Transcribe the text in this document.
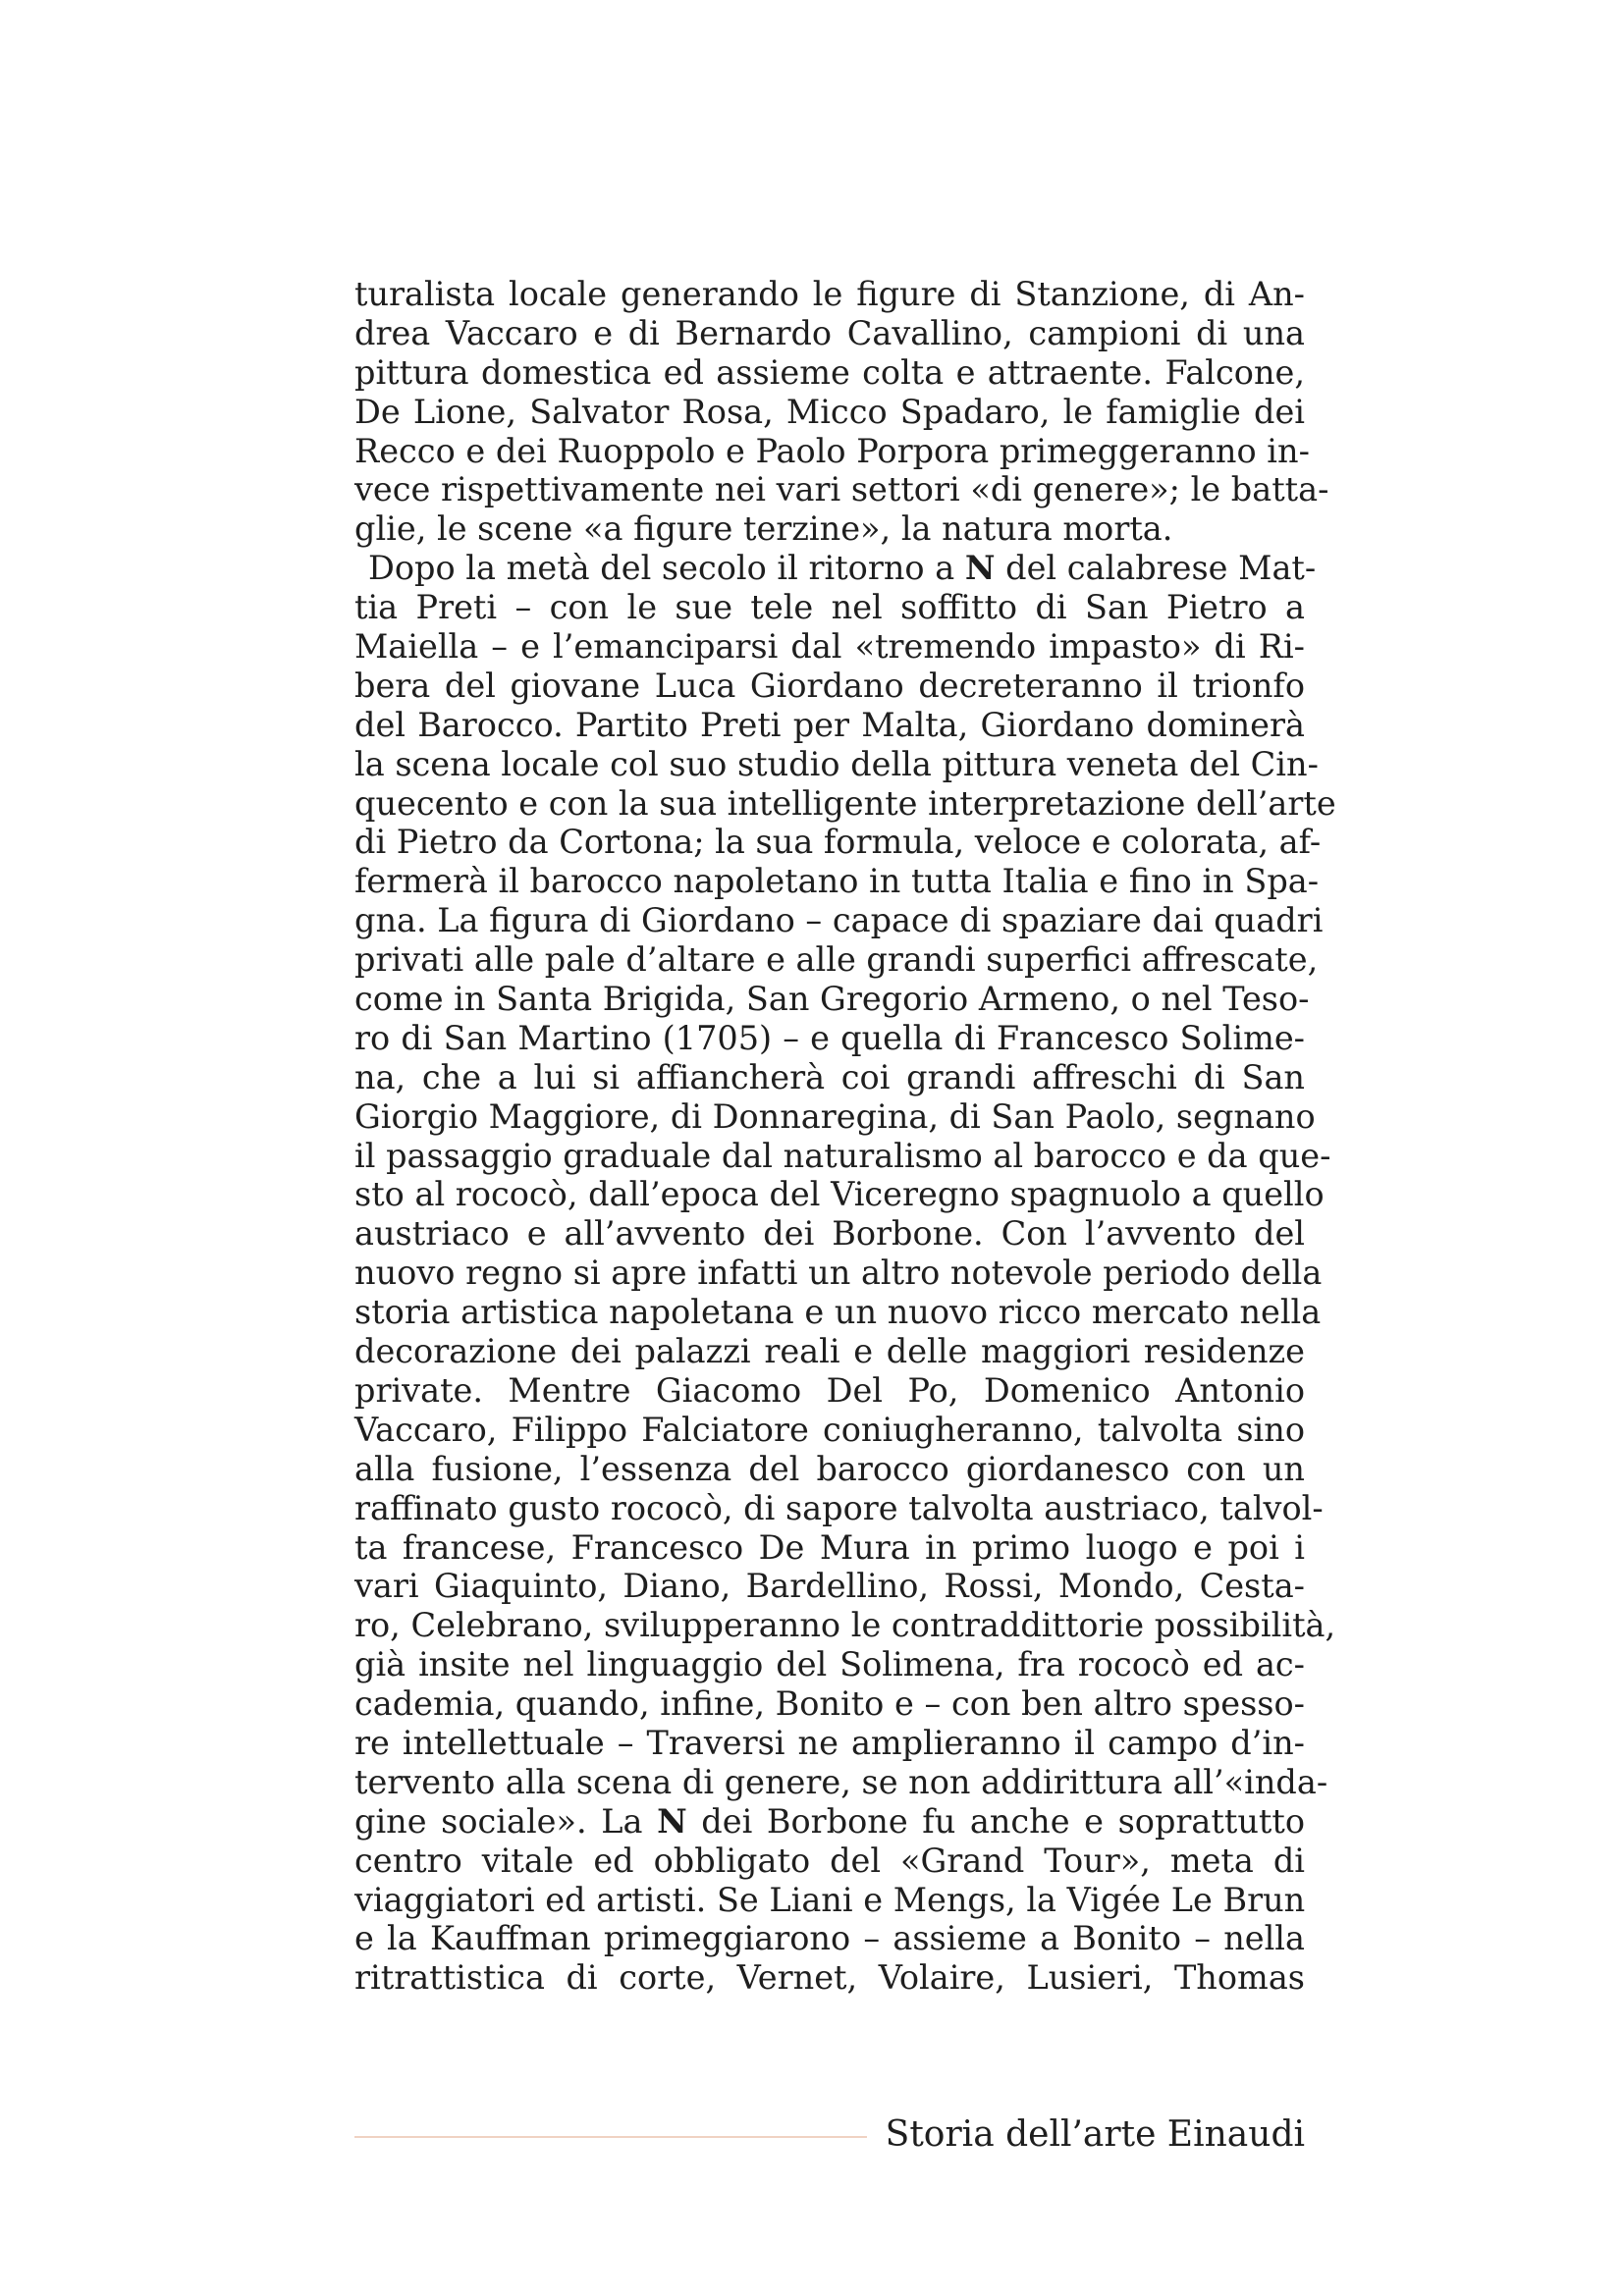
turalista locale generando le figure di Stanzione, di An-
drea Vaccaro e di Bernardo Cavallino, campioni di una
pittura domestica ed assieme colta e attraente. Falcone,
De Lione, Salvator Rosa, Micco Spadaro, le famiglie dei
Recco e dei Ruoppolo e Paolo Porpora primeggeranno in-
vece rispettivamente nei vari settori «di genere»; le batta-
glie, le scene «a figure terzine», la natura morta.
Dopo la metà del secolo il ritorno a N del calabrese Mat-
tia Preti – con le sue tele nel soffitto di San Pietro a
Maiella – e l’emanciparsi dal «tremendo impasto» di Ri-
bera del giovane Luca Giordano decreteranno il trionfo
del Barocco. Partito Preti per Malta, Giordano dominerà
la scena locale col suo studio della pittura veneta del Cin-
quecento e con la sua intelligente interpretazione dell’arte
di Pietro da Cortona; la sua formula, veloce e colorata, af-
fermerà il barocco napoletano in tutta Italia e fino in Spa-
gna. La figura di Giordano – capace di spaziare dai quadri
privati alle pale d’altare e alle grandi superfici affrescate,
come in Santa Brigida, San Gregorio Armeno, o nel Teso-
ro di San Martino (1705) – e quella di Francesco Solime-
na, che a lui si affiancherà coi grandi affreschi di San
Giorgio Maggiore, di Donnaregina, di San Paolo, segnano
il passaggio graduale dal naturalismo al barocco e da que-
sto al rococò, dall’epoca del Viceregno spagnuolo a quello
austriaco e all’avvento dei Borbone. Con l’avvento del
nuovo regno si apre infatti un altro notevole periodo della
storia artistica napoletana e un nuovo ricco mercato nella
decorazione dei palazzi reali e delle maggiori residenze
private. Mentre Giacomo Del Po, Domenico Antonio
Vaccaro, Filippo Falciatore coniugheranno, talvolta sino
alla fusione, l’essenza del barocco giordanesco con un
raffinato gusto rococò, di sapore talvolta austriaco, talvol-
ta francese, Francesco De Mura in primo luogo e poi i
vari Giaquinto, Diano, Bardellino, Rossi, Mondo, Cesta-
ro, Celebrano, svilupperanno le contraddittorie possibilità,
già insite nel linguaggio del Solimena, fra rococò ed ac-
cademia, quando, infine, Bonito e – con ben altro spesso-
re intellettuale – Traversi ne amplieranno il campo d’in-
tervento alla scena di genere, se non addirittura all’«inda-
gine sociale». La N dei Borbone fu anche e soprattutto
centro vitale ed obbligato del «Grand Tour», meta di
viaggiatori ed artisti. Se Liani e Mengs, la Vigée Le Brun
e la Kauffman primeggiarono – assieme a Bonito – nella
ritrattistica di corte, Vernet, Volaire, Lusieri, Thomas
Storia dell’arte Einaudi
